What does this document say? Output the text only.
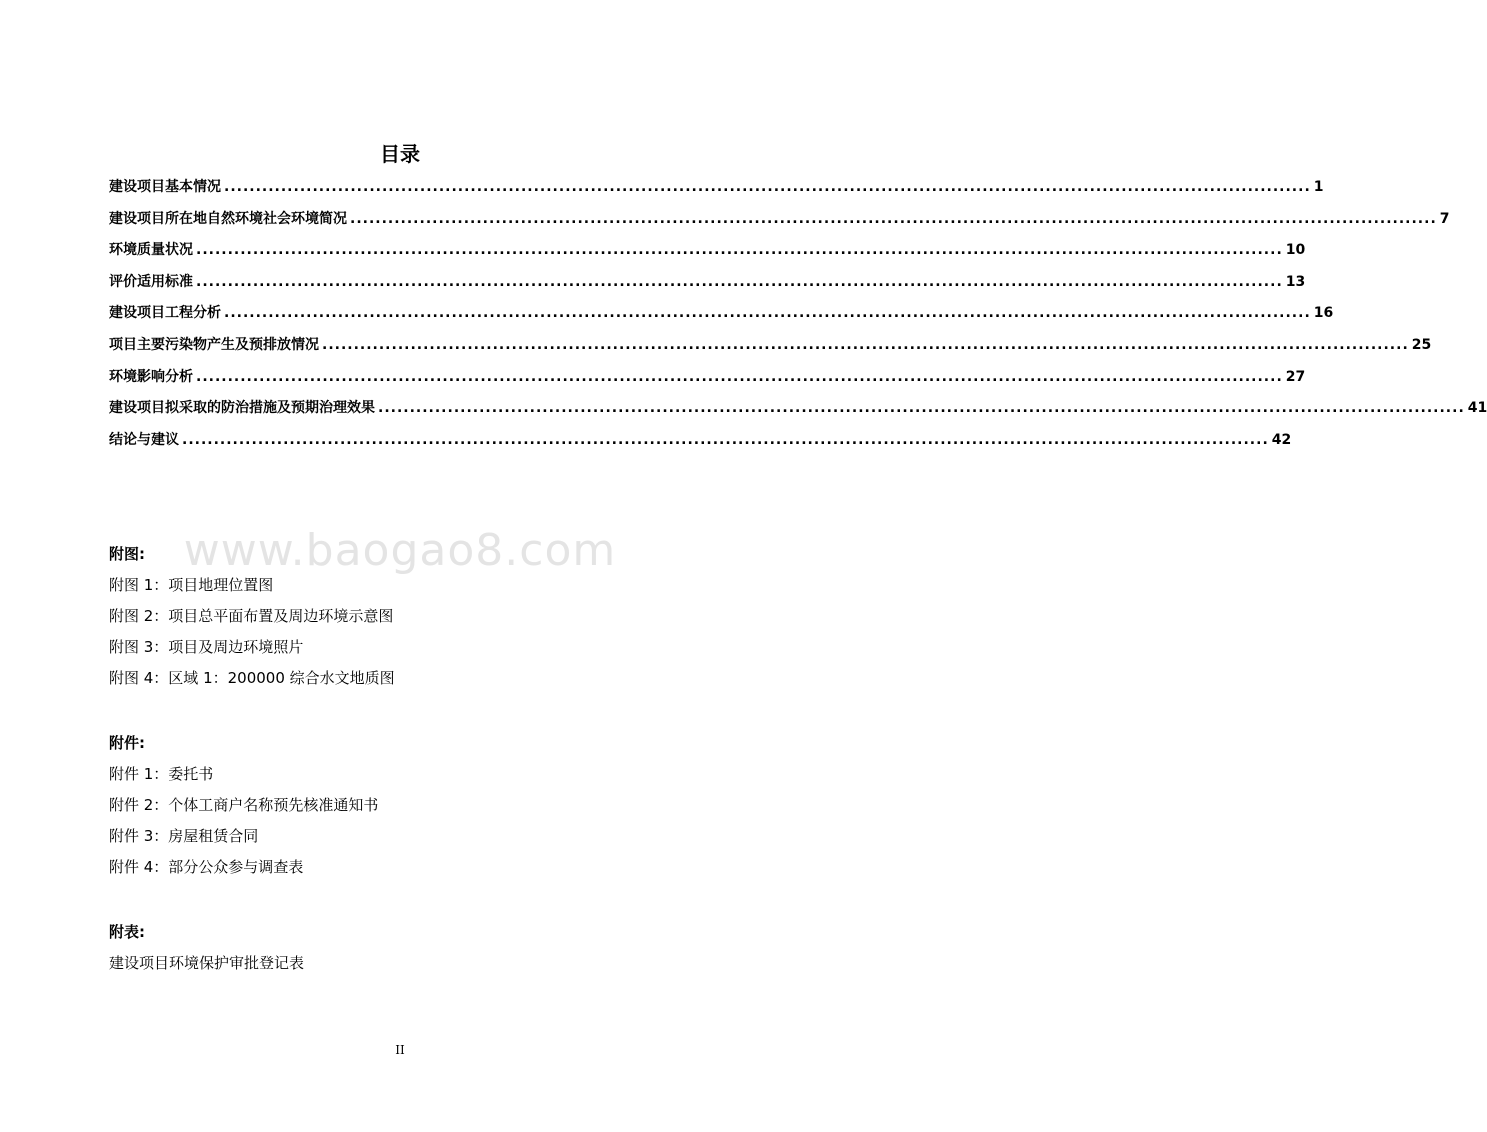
目录
建设项目基本情况 ............................................................................................................................................................................ 1
建设项目所在地自然环境社会环境简况 ............................................................................................................................................................................ 7
环境质量状况 ............................................................................................................................................................................ 10
评价适用标准 ............................................................................................................................................................................ 13
建设项目工程分析 ............................................................................................................................................................................ 16
项目主要污染物产生及预排放情况 ............................................................................................................................................................................ 25
环境影响分析 ............................................................................................................................................................................ 27
建设项目拟采取的防治措施及预期治理效果 ............................................................................................................................................................................ 41
结论与建议 ............................................................................................................................................................................ 42
www.baogao8.com
附图:
附图 1：项目地理位置图
附图 2：项目总平面布置及周边环境示意图
附图 3：项目及周边环境照片
附图 4：区域 1：200000 综合水文地质图
附件:
附件 1：委托书
附件 2：个体工商户名称预先核准通知书
附件 3：房屋租赁合同
附件 4：部分公众参与调查表
附表:
建设项目环境保护审批登记表
II
